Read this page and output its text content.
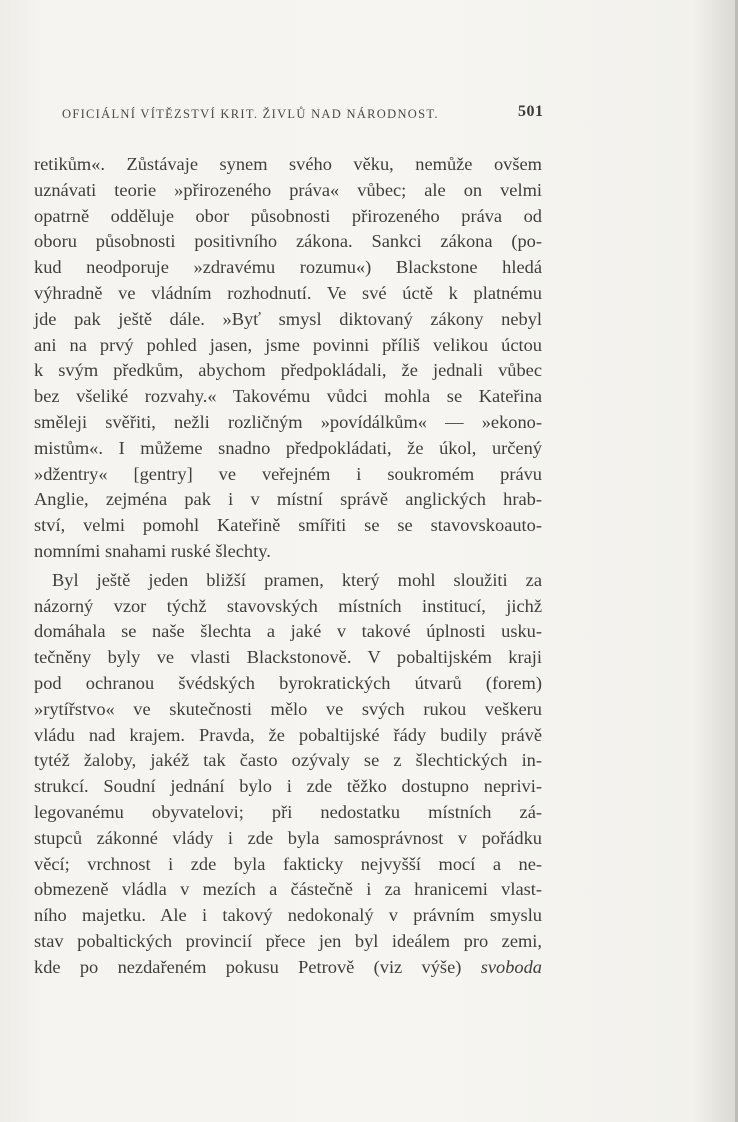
OFICIÁLNÍ VÍTĚZSTVÍ KRIT. ŽIVLŮ NAD NÁRODNOST.	501
retikům«. Zůstávaje synem svého věku, nemůže ovšem
uznávati teorie »přirozeného práva« vůbec; ale on velmi
opatrně odděluje obor působnosti přirozeného práva od
oboru působnosti positivního zákona. Sankci zákona (po-
kud neodporuje »zdravému rozumu«) Blackstone hledá
výhradně ve vládním rozhodnutí. Ve své úctě k platnému
jde pak ještě dále. »Byť smysl diktovaný zákony nebyl
ani na prvý pohled jasen, jsme povinni příliš velikou úctou
k svým předkům, abychom předpokládali, že jednali vůbec
bez všeliké rozvahy.« Takovému vůdci mohla se Kateřina
směleji svěřiti, nežli rozličným »povídálkům« — »ekono-
mistům«. I můžeme snadno předpokládati, že úkol, určený
»džentry« [gentry] ve veřejném i soukromém právu
Anglie, zejména pak i v místní správě anglických hrab-
ství, velmi pomohl Kateřině smířiti se se stavovskoauto-
nomními snahami ruské šlechty.
Byl ještě jeden bližší pramen, který mohl sloužiti za
názorný vzor týchž stavovských místních institucí, jichž
domáhala se naše šlechta a jaké v takové úplnosti usku-
tečněny byly ve vlasti Blackstonově. V pobaltijském kraji
pod ochranou švédských byrokratických útvarů (forem)
»rytířstvo« ve skutečnosti mělo ve svých rukou veškeru
vládu nad krajem. Pravda, že pobaltijské řády budily právě
tytéž žaloby, jakéž tak často ozývaly se z šlechtických in-
strukcí. Soudní jednání bylo i zde těžko dostupno neprivi-
legovanému obyvatelovi; při nedostatku místních zá-
stupců zákonné vlády i zde byla samosprávnost v pořádku
věcí; vrchnost i zde byla fakticky nejvyšší mocí a ne-
obmezeně vládla v mezích a částečně i za hranicemi vlast-
ního majetku. Ale i takový nedokonalý v právním smyslu
stav pobaltických provincií přece jen byl ideálem pro zemi,
kde po nezdařeném pokusu Petrově (viz výše) svoboda
